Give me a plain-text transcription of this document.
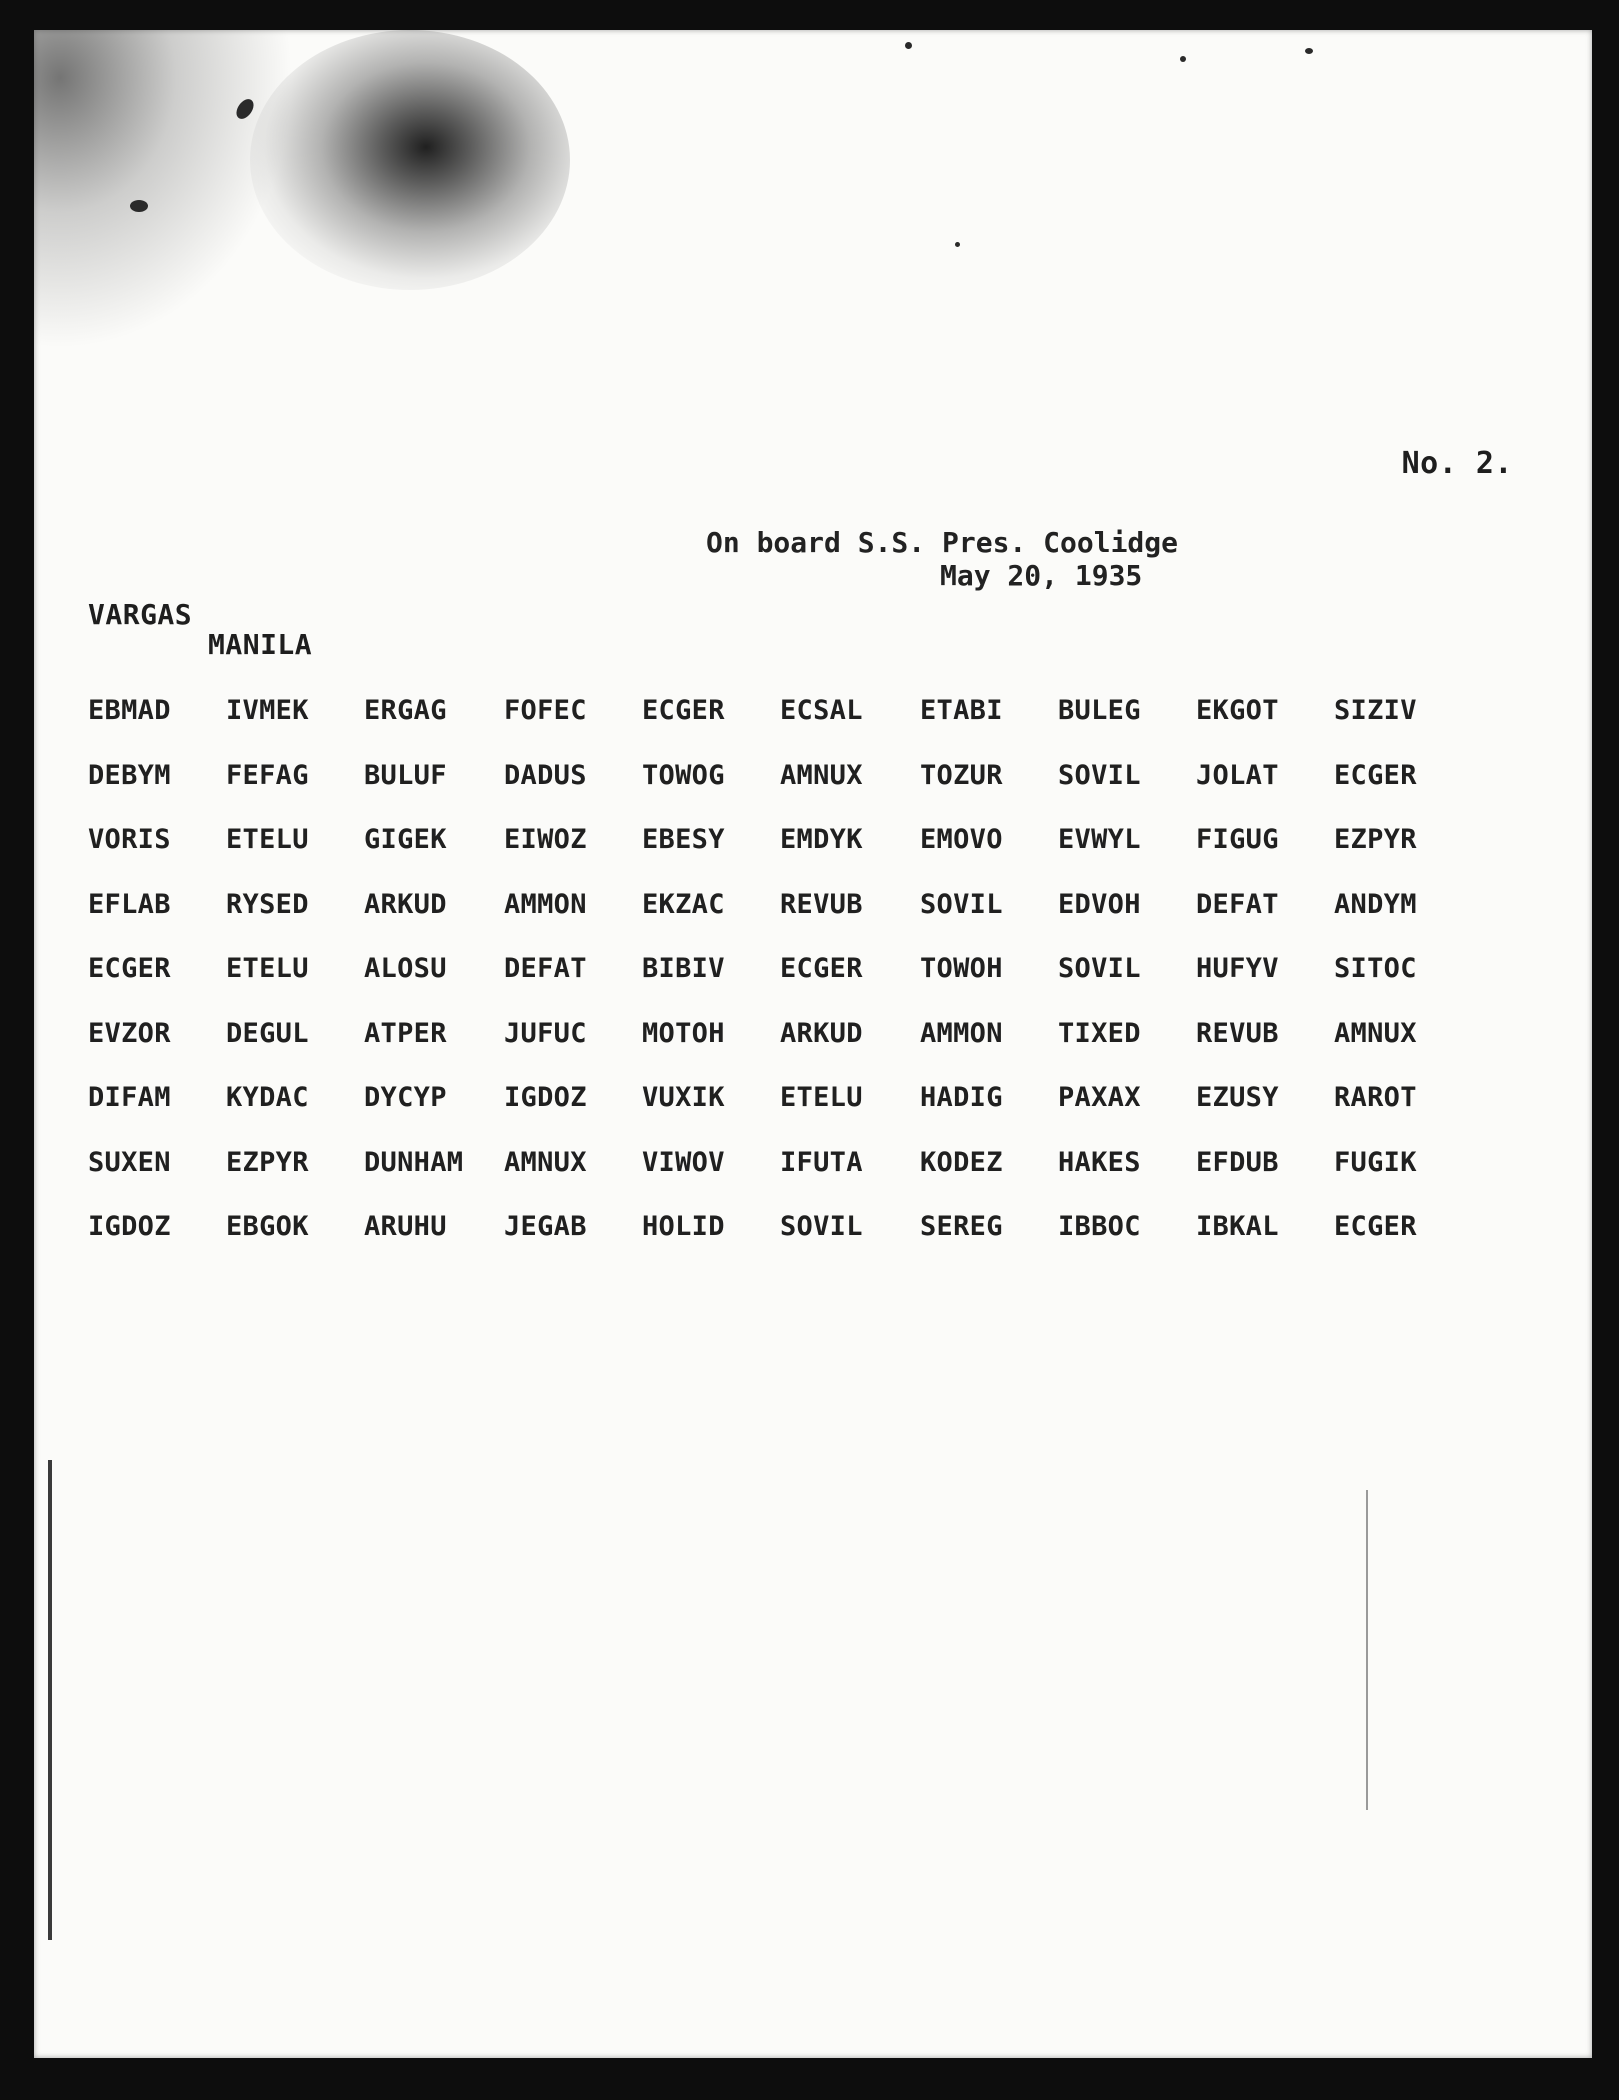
No. 2.
On board S.S. Pres. Coolidge
May 20, 1935
VARGAS
MANILA
EBMAD IVMEK ERGAG FOFEC ECGER ECSAL ETABI BULEG EKGOT SIZIV
DEBYM FEFAG BULUF DADUS TOWOG AMNUX TOZUR SOVIL JOLAT ECGER
VORIS ETELU GIGEK EIWOZ EBESY EMDYK EMOVO EVWYL FIGUG EZPYR
EFLAB RYSED ARKUD AMMON EKZAC REVUB SOVIL EDVOH DEFAT ANDYM
ECGER ETELU ALOSU DEFAT BIBIV ECGER TOWOH SOVIL HUFYV SITOC
EVZOR DEGUL ATPER JUFUC MOTOH ARKUD AMMON TIXED REVUB AMNUX
DIFAM KYDAC DYCYP IGDOZ VUXIK ETELU HADIG PAXAX EZUSY RAROT
SUXEN EZPYR DUNHAM AMNUX VIWOV IFUTA KODEZ HAKES EFDUB FUGIK
IGDOZ EBGOK ARUHU JEGAB HOLID SOVIL SEREG IBBOC IBKAL ECGER
